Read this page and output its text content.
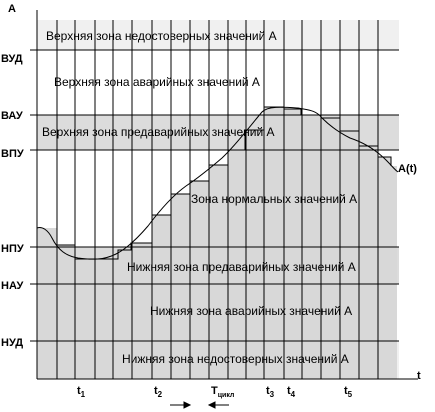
A
t
A(t)
ВУД
ВАУ
ВПУ
НПУ
НАУ
НУД
Верхняя зона недостоверных значений A
Верхняя зона аварийных значений A
Верхняя зона предаварийных значений A
Зона нормальных значений A
Нижняя зона предаварийных значений A
Нижняя зона аварийных значений A
Нижняя зона недостоверных значений A
$t_1$	$t_2$	$t_3$ $t_4$	$t_5$
$T_{цикл}$
